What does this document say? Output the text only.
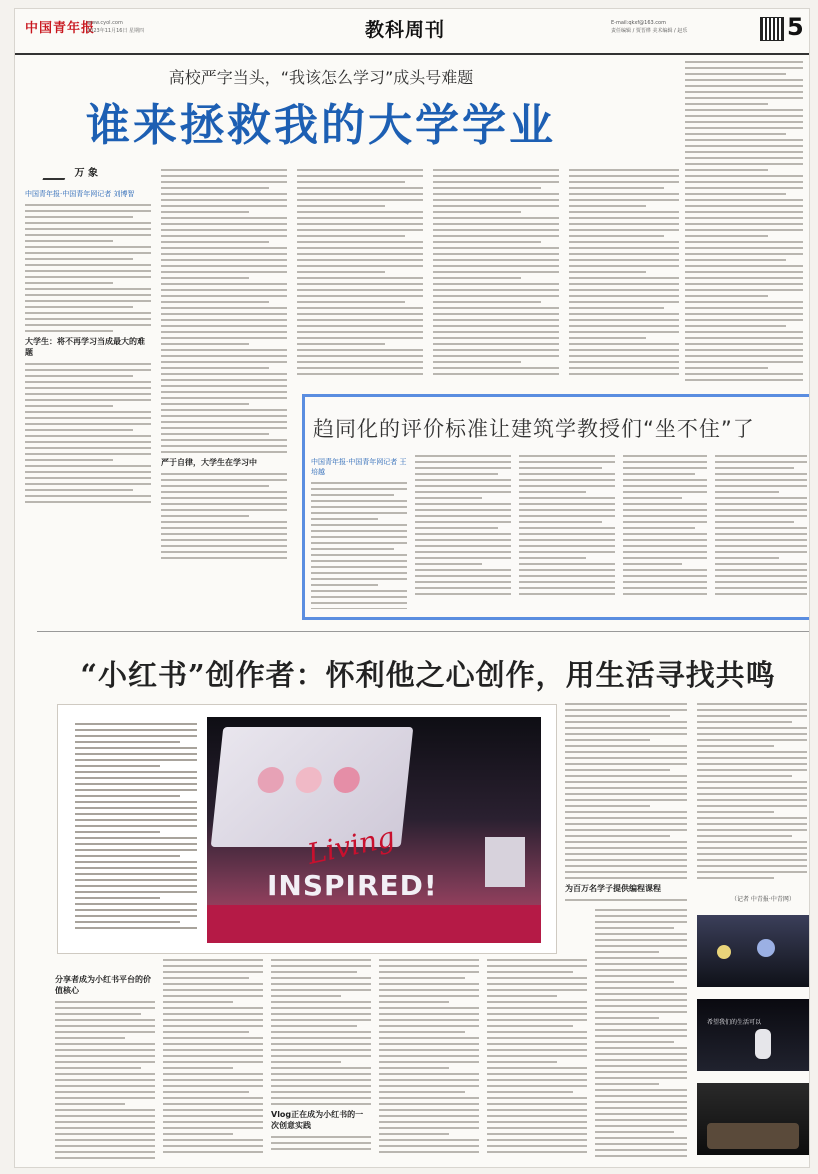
中国青年报
www.cyol.com
2023年11月16日 星期四	教科周刊	E-mail:qkxf@163.com
责任编辑 / 贾晋桦 美术编辑 / 赵乐	5
高校严字当头，“我该怎么学习”成头号难题
谁来拯救我的大学学业
万 象
中国青年报·中国青年网记者 刘博智
大学生：将不再学习当成最大的难题
严于自律，大学生在学习中
趋同化的评价标准让建筑学教授们“坐不住”了
中国青年报·中国青年网记者 王培越
“小红书”创作者：怀利他之心创作，用生活寻找共鸣
Living
INSPIRED!	为百万名学子提供编程课程
（记者 中青报·中青网）
希望我们的生活可以
分享者成为小红书平台的价值核心
Vlog正在成为小红书的一次创意实践
